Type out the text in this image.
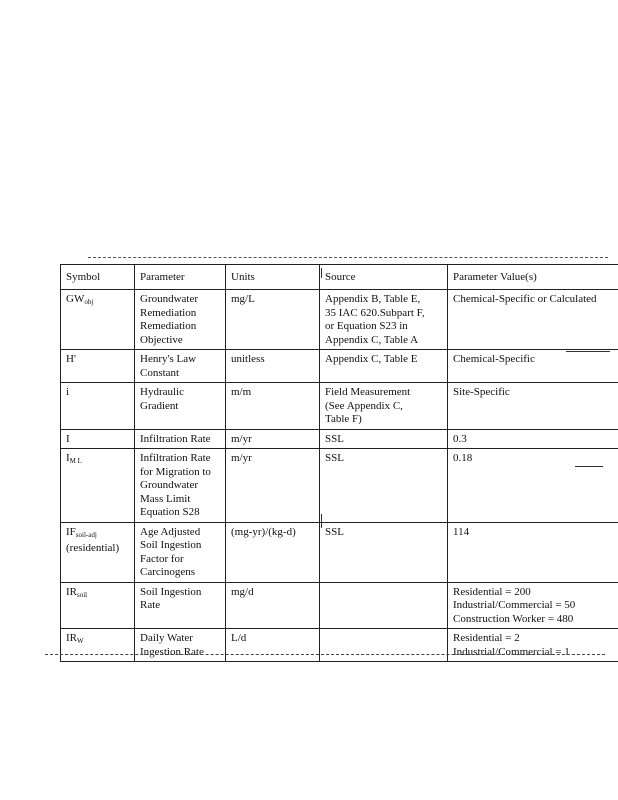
Symbol	Parameter	Units	Source	Parameter Value(s)
GWobj	Groundwater
Remediation
Remediation
Objective	mg/L	Appendix B, Table E,
35 IAC 620.Subpart F,
or Equation S23 in
Appendix C, Table A	Chemical-Specific or Calculated

H'	Henry's Law
Constant	unitless	Appendix C, Table E	Chemical-Specific

i	Hydraulic
Gradient	m/m	Field Measurement
(See Appendix C,
Table F)	Site-Specific

I	Infiltration Rate	m/yr	SSL	0.3

IM L	Infiltration Rate
for Migration to
Groundwater
Mass Limit
Equation S28	m/yr	SSL	0.18

IFsoil-adj
(residential)	Age Adjusted
Soil Ingestion
Factor for
Carcinogens	(mg-yr)/(kg-d)	SSL	114

IRsoil	Soil Ingestion
Rate	mg/d		Residential = 200
Industrial/Commercial = 50
Construction Worker = 480

IRW	Daily Water
Ingestion Rate	L/d		Residential = 2
Industrial/Commercial = 1
